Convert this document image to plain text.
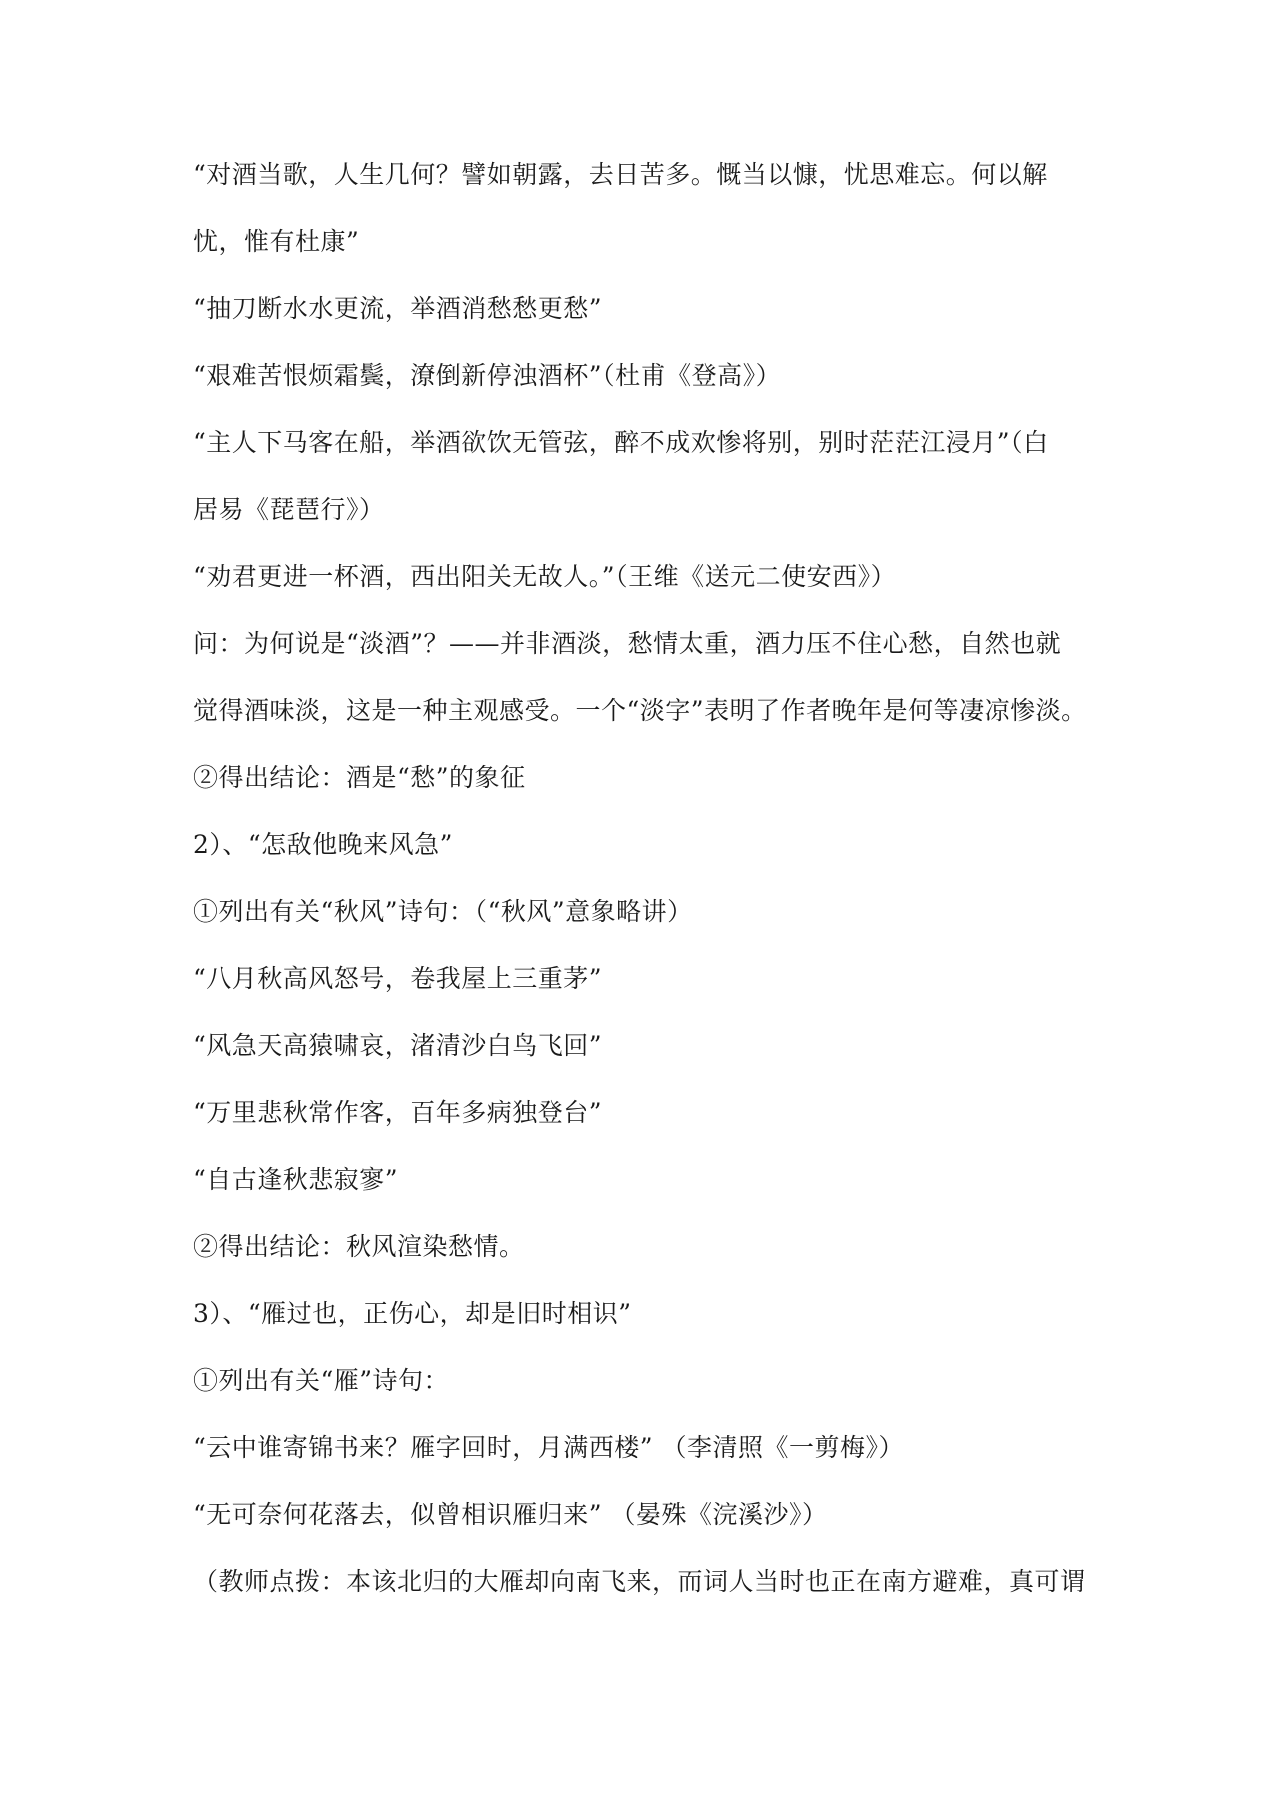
“对酒当歌，人生几何？譬如朝露，去日苦多。慨当以慷，忧思难忘。何以解
忧，惟有杜康”
“抽刀断水水更流，举酒消愁愁更愁”
“艰难苦恨烦霜鬓，潦倒新停浊酒杯”（杜甫《登高》）
“主人下马客在船，举酒欲饮无管弦，醉不成欢惨将别，别时茫茫江浸月”（白
居易《琵琶行》）
“劝君更进一杯酒，西出阳关无故人。”（王维《送元二使安西》）
问：为何说是“淡酒”？——并非酒淡，愁情太重，酒力压不住心愁，自然也就
觉得酒味淡，这是一种主观感受。一个“淡字”表明了作者晚年是何等凄凉惨淡。
②得出结论：酒是“愁”的象征
2）、“怎敌他晚来风急”
①列出有关“秋风”诗句：（“秋风”意象略讲）
“八月秋高风怒号，卷我屋上三重茅”
“风急天高猿啸哀，渚清沙白鸟飞回”
“万里悲秋常作客，百年多病独登台”
“自古逢秋悲寂寥”
②得出结论：秋风渲染愁情。
3）、“雁过也，正伤心，却是旧时相识”
①列出有关“雁”诗句：
“云中谁寄锦书来？雁字回时，月满西楼” （李清照《一剪梅》）
“无可奈何花落去，似曾相识雁归来” （晏殊《浣溪沙》）
（教师点拨：本该北归的大雁却向南飞来，而词人当时也正在南方避难，真可谓
